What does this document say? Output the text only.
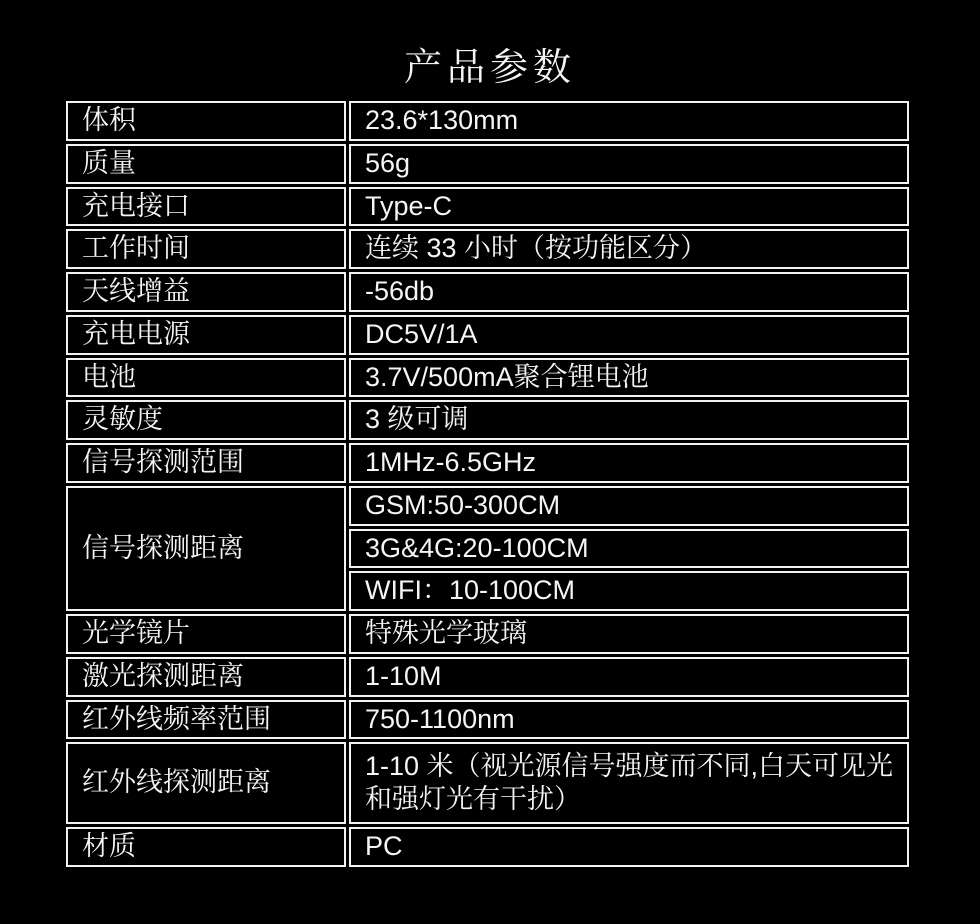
产品参数
体积	23.6*130mm
质量	56g
充电接口	Type-C
工作时间	连续 33 小时（按功能区分）
天线增益	-56db
充电电源	DC5V/1A
电池	3.7V/500mA聚合锂电池
灵敏度	3 级可调
信号探测范围	1MHz-6.5GHz
信号探测距离	GSM:50-300CM
	3G&4G:20-100CM
	WIFI：10-100CM
光学镜片	特殊光学玻璃
激光探测距离	1-10M
红外线频率范围	750-1100nm
红外线探测距离	1-10 米（视光源信号强度而不同,白天可见光和强灯光有干扰）
材质	PC
